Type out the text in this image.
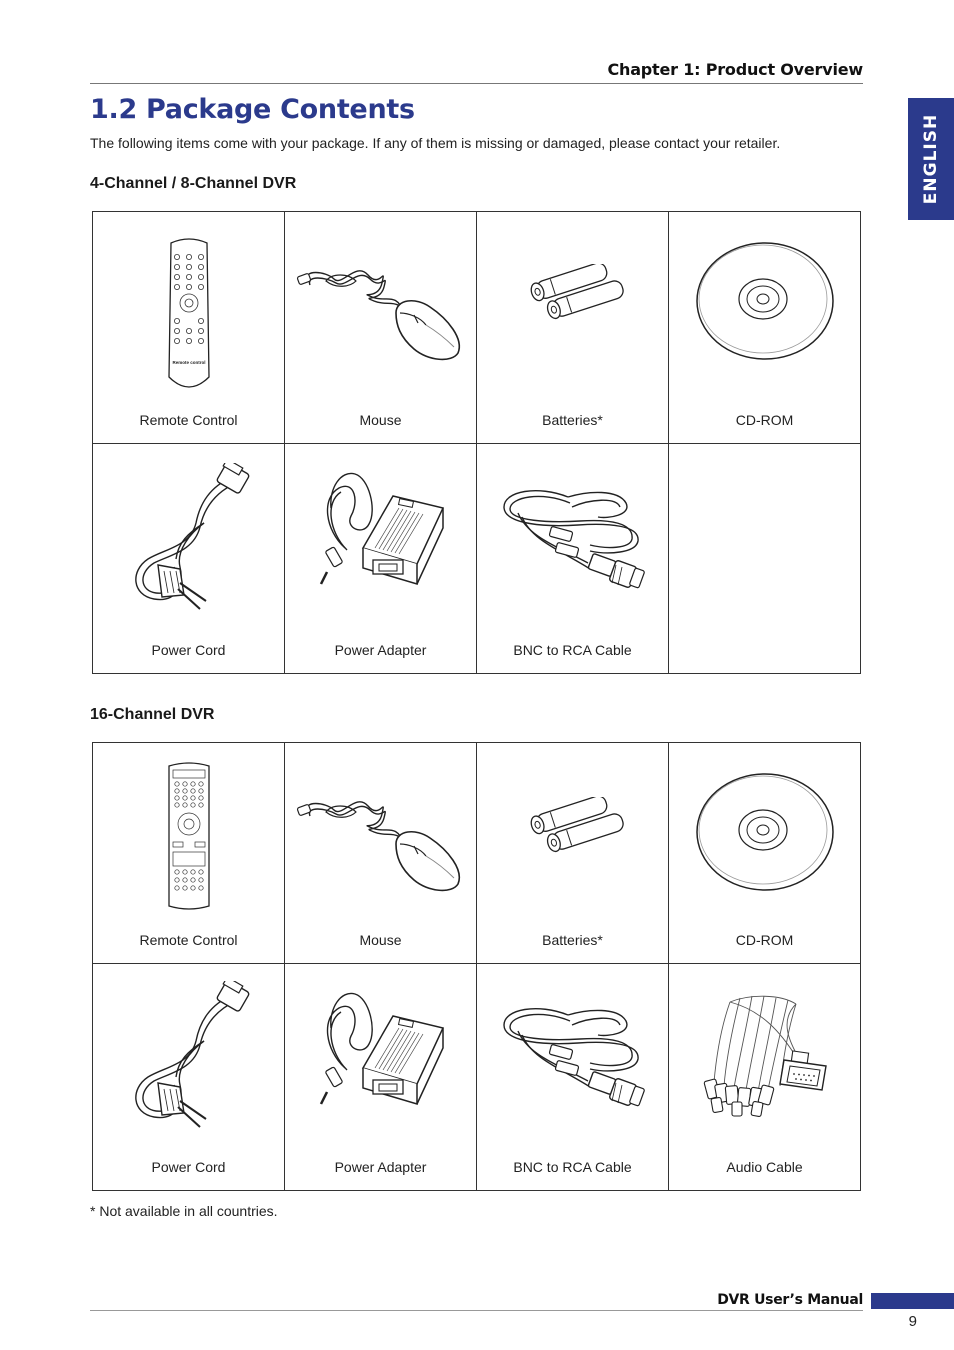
Chapter 1: Product Overview
ENGLISH
1.2 Package Contents
The following items come with your package. If any of them is missing or damaged, please contact your retailer.
4-Channel / 8-Channel DVR
Remote control
Remote Control	Mouse	Batteries*	CD-ROM

Power Cord	Power Adapter	BNC to RCA Cable	

16-Channel DVR
Remote Control	Mouse	Batteries*	CD-ROM

Power Cord	Power Adapter	BNC to RCA Cable	Audio Cable
* Not available in all countries.
DVR User’s Manual
9
